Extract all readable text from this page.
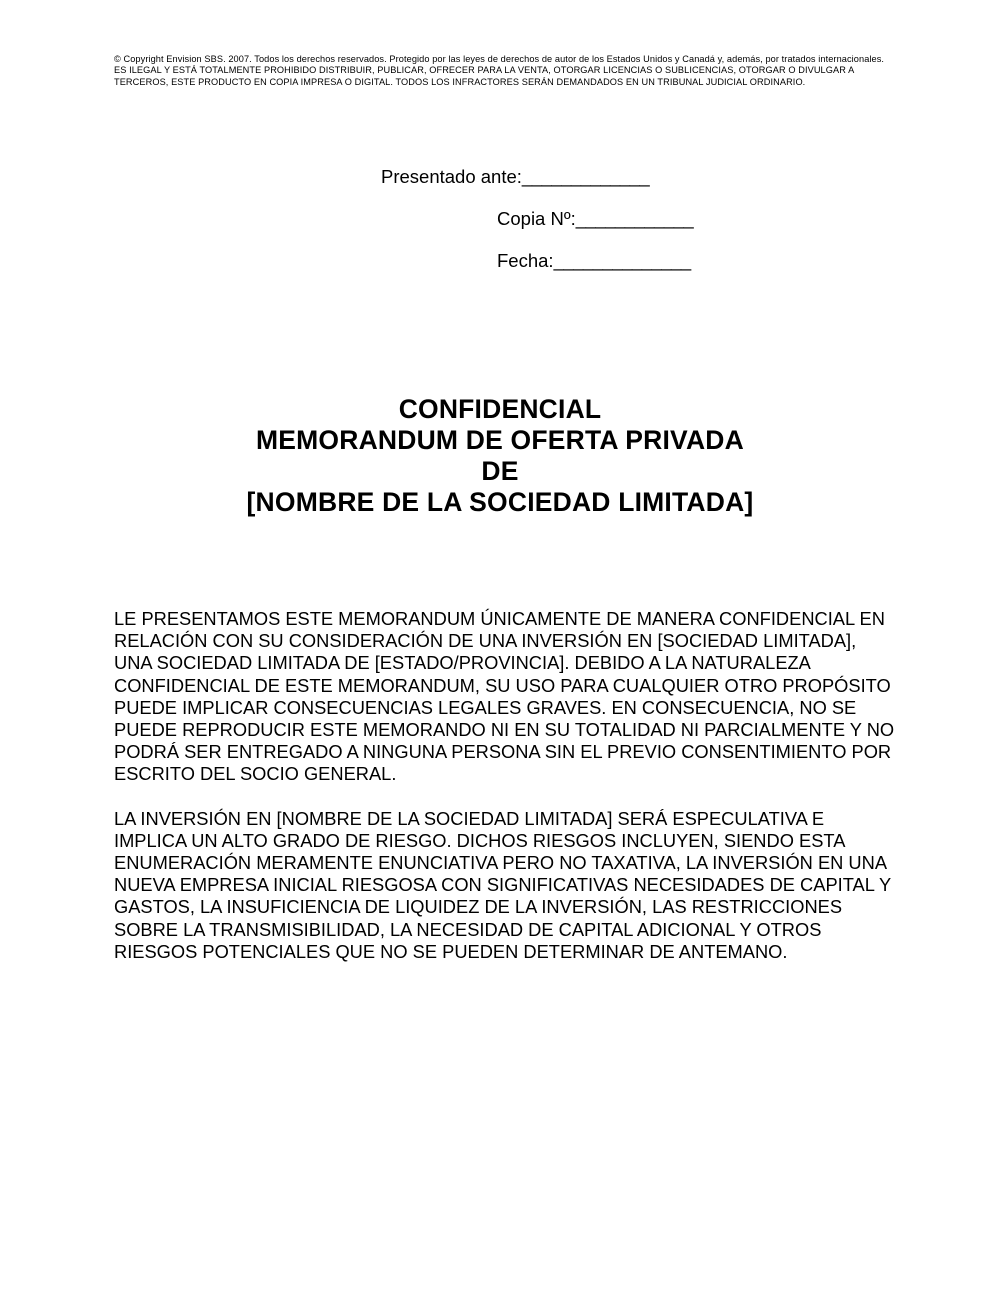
© Copyright Envision SBS. 2007. Todos los derechos reservados. Protegido por las leyes de derechos de autor de los Estados Unidos y Canadá y, además, por tratados internacionales. ES ILEGAL Y ESTÁ TOTALMENTE PROHIBIDO DISTRIBUIR, PUBLICAR, OFRECER PARA LA VENTA, OTORGAR LICENCIAS O SUBLICENCIAS, OTORGAR O DIVULGAR A TERCEROS, ESTE PRODUCTO EN COPIA IMPRESA O DIGITAL. TODOS LOS INFRACTORES SERÁN DEMANDADOS EN UN TRIBUNAL JUDICIAL ORDINARIO.
Presentado ante:_____________
Copia Nº:____________
Fecha:______________
CONFIDENCIAL
MEMORANDUM DE OFERTA PRIVADA
DE
[NOMBRE DE LA SOCIEDAD LIMITADA]

LE PRESENTAMOS ESTE MEMORANDUM ÚNICAMENTE DE MANERA CONFIDENCIAL EN RELACIÓN CON SU CONSIDERACIÓN DE UNA INVERSIÓN EN [SOCIEDAD LIMITADA], UNA SOCIEDAD LIMITADA DE [ESTADO/PROVINCIA]. DEBIDO A LA NATURALEZA CONFIDENCIAL DE ESTE MEMORANDUM, SU USO PARA CUALQUIER OTRO PROPÓSITO PUEDE IMPLICAR CONSECUENCIAS LEGALES GRAVES. EN CONSECUENCIA, NO SE PUEDE REPRODUCIR ESTE MEMORANDO NI EN SU TOTALIDAD NI PARCIALMENTE Y NO PODRÁ SER ENTREGADO A NINGUNA PERSONA SIN EL PREVIO CONSENTIMIENTO POR ESCRITO DEL SOCIO GENERAL.

LA INVERSIÓN EN [NOMBRE DE LA SOCIEDAD LIMITADA] SERÁ ESPECULATIVA E IMPLICA UN ALTO GRADO DE RIESGO. DICHOS RIESGOS INCLUYEN, SIENDO ESTA ENUMERACIÓN MERAMENTE ENUNCIATIVA PERO NO TAXATIVA, LA INVERSIÓN EN UNA NUEVA EMPRESA INICIAL RIESGOSA CON SIGNIFICATIVAS NECESIDADES DE CAPITAL Y GASTOS, LA INSUFICIENCIA DE LIQUIDEZ DE LA INVERSIÓN, LAS RESTRICCIONES SOBRE LA TRANSMISIBILIDAD, LA NECESIDAD DE CAPITAL ADICIONAL Y OTROS RIESGOS POTENCIALES QUE NO SE PUEDEN DETERMINAR DE ANTEMANO.
